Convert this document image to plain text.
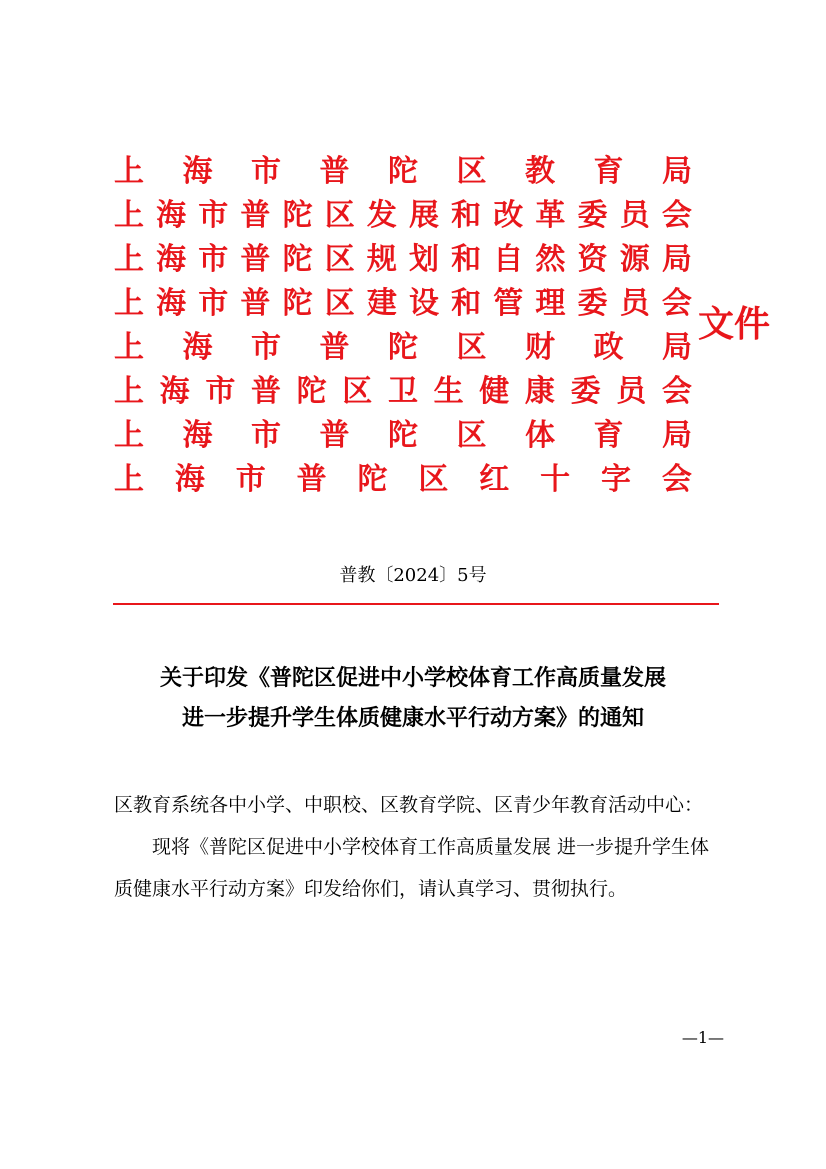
上 海 市 普 陀 区 教 育 局
上 海 市 普 陀 区 发 展 和 改 革 委 员 会
上 海 市 普 陀 区 规 划 和 自 然 资 源 局
上 海 市 普 陀 区 建 设 和 管 理 委 员 会
上 海 市 普 陀 区 财 政 局
上 海 市 普 陀 区 卫 生 健 康 委 员 会
上 海 市 普 陀 区 体 育 局
上 海 市 普 陀 区 红 十 字 会
文件
普教〔2024〕5号
关于印发《普陀区促进中小学校体育工作高质量发展
进一步提升学生体质健康水平行动方案》的通知

区教育系统各中小学、中职校、区教育学院、区青少年教育活动中心：

现将《普陀区促进中小学校体育工作高质量发展 进一步提升学生体质健康水平行动方案》印发给你们，请认真学习、贯彻执行。

—1—
